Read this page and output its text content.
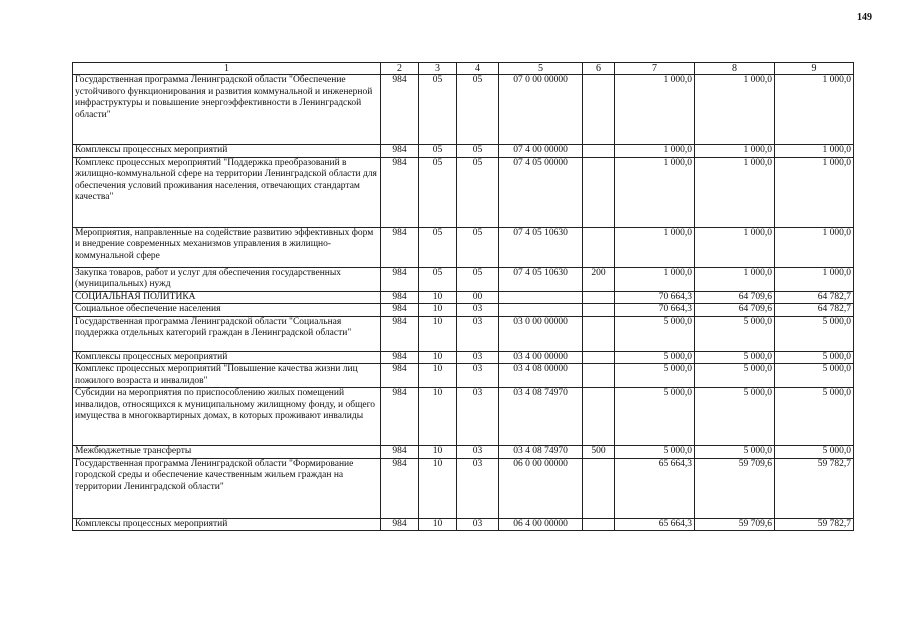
149
1	2	3	4	5	6	7	8	9
Государственная программа Ленинградской области "Обеспечение устойчивого функционирования и развития коммунальной и инженерной инфраструктуры и повышение энергоэффективности в Ленинградской области"	984	05	05	07 0 00 00000		1 000,0	1 000,0	1 000,0
Комплексы процессных мероприятий	984	05	05	07 4 00 00000		1 000,0	1 000,0	1 000,0
Комплекс процессных мероприятий "Поддержка преобразований в жилищно-коммунальной сфере на территории Ленинградской области для обеспечения условий проживания населения, отвечающих стандартам качества"	984	05	05	07 4 05 00000		1 000,0	1 000,0	1 000,0
Мероприятия, направленные на содействие развитию эффективных форм и внедрение современных механизмов управления в жилищно-коммунальной сфере	984	05	05	07 4 05 10630		1 000,0	1 000,0	1 000,0
Закупка товаров, работ и услуг для обеспечения государственных (муниципальных) нужд	984	05	05	07 4 05 10630	200	1 000,0	1 000,0	1 000,0
СОЦИАЛЬНАЯ ПОЛИТИКА	984	10	00			70 664,3	64 709,6	64 782,7
Социальное обеспечение населения	984	10	03			70 664,3	64 709,6	64 782,7
Государственная программа Ленинградской области "Социальная поддержка отдельных категорий граждан в Ленинградской области"	984	10	03	03 0 00 00000		5 000,0	5 000,0	5 000,0
Комплексы процессных мероприятий	984	10	03	03 4 00 00000		5 000,0	5 000,0	5 000,0
Комплекс процессных мероприятий "Повышение качества жизни лиц пожилого возраста и инвалидов"	984	10	03	03 4 08 00000		5 000,0	5 000,0	5 000,0
Субсидии на мероприятия по приспособлению жилых помещений инвалидов, относящихся к муниципальному жилищному фонду, и общего имущества в многоквартирных домах, в которых проживают инвалиды	984	10	03	03 4 08 74970		5 000,0	5 000,0	5 000,0
Межбюджетные трансферты	984	10	03	03 4 08 74970	500	5 000,0	5 000,0	5 000,0
Государственная программа Ленинградской области "Формирование городской среды и обеспечение качественным жильем граждан на территории Ленинградской области"	984	10	03	06 0 00 00000		65 664,3	59 709,6	59 782,7
Комплексы процессных мероприятий	984	10	03	06 4 00 00000		65 664,3	59 709,6	59 782,7
